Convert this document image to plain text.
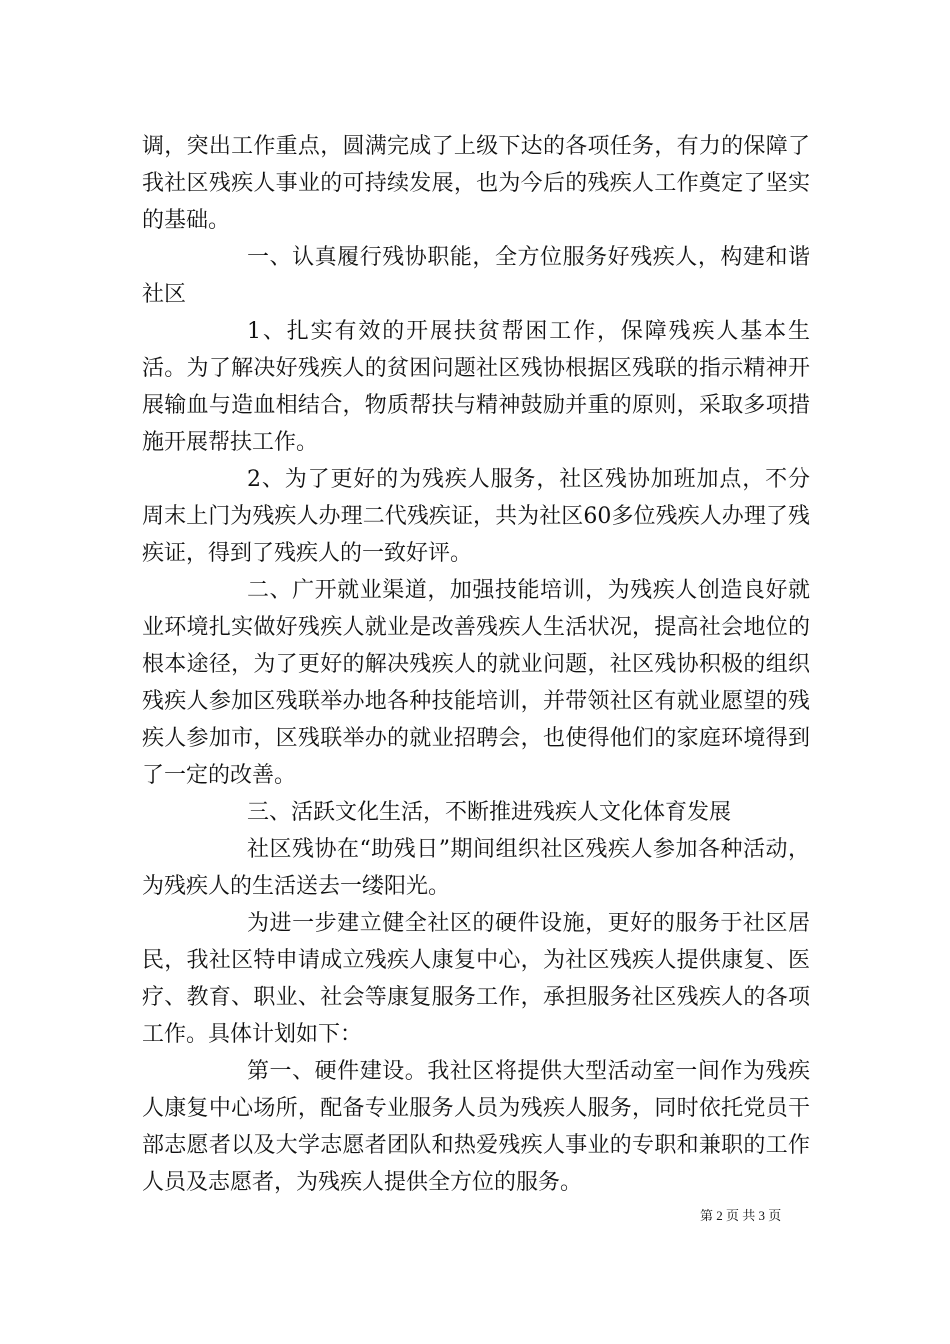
调，突出工作重点，圆满完成了上级下达的各项任务，有力的保障了我社区残疾人事业的可持续发展，也为今后的残疾人工作奠定了坚实的基础。

一、认真履行残协职能，全方位服务好残疾人，构建和谐社区

1、扎实有效的开展扶贫帮困工作，保障残疾人基本生活。为了解决好残疾人的贫困问题社区残协根据区残联的指示精神开展输血与造血相结合，物质帮扶与精神鼓励并重的原则，采取多项措施开展帮扶工作。

2、为了更好的为残疾人服务，社区残协加班加点，不分周末上门为残疾人办理二代残疾证，共为社区60多位残疾人办理了残疾证，得到了残疾人的一致好评。

二、广开就业渠道，加强技能培训，为残疾人创造良好就业环境扎实做好残疾人就业是改善残疾人生活状况，提高社会地位的根本途径，为了更好的解决残疾人的就业问题，社区残协积极的组织残疾人参加区残联举办地各种技能培训，并带领社区有就业愿望的残疾人参加市，区残联举办的就业招聘会，也使得他们的家庭环境得到了一定的改善。

三、活跃文化生活，不断推进残疾人文化体育发展

社区残协在“助残日”期间组织社区残疾人参加各种活动，为残疾人的生活送去一缕阳光。

为进一步建立健全社区的硬件设施，更好的服务于社区居民，我社区特申请成立残疾人康复中心，为社区残疾人提供康复、医疗、教育、职业、社会等康复服务工作，承担服务社区残疾人的各项工作。具体计划如下：

第一、硬件建设。我社区将提供大型活动室一间作为残疾人康复中心场所，配备专业服务人员为残疾人服务，同时依托党员干部志愿者以及大学志愿者团队和热爱残疾人事业的专职和兼职的工作人员及志愿者，为残疾人提供全方位的服务。

第 2 页 共 3 页
